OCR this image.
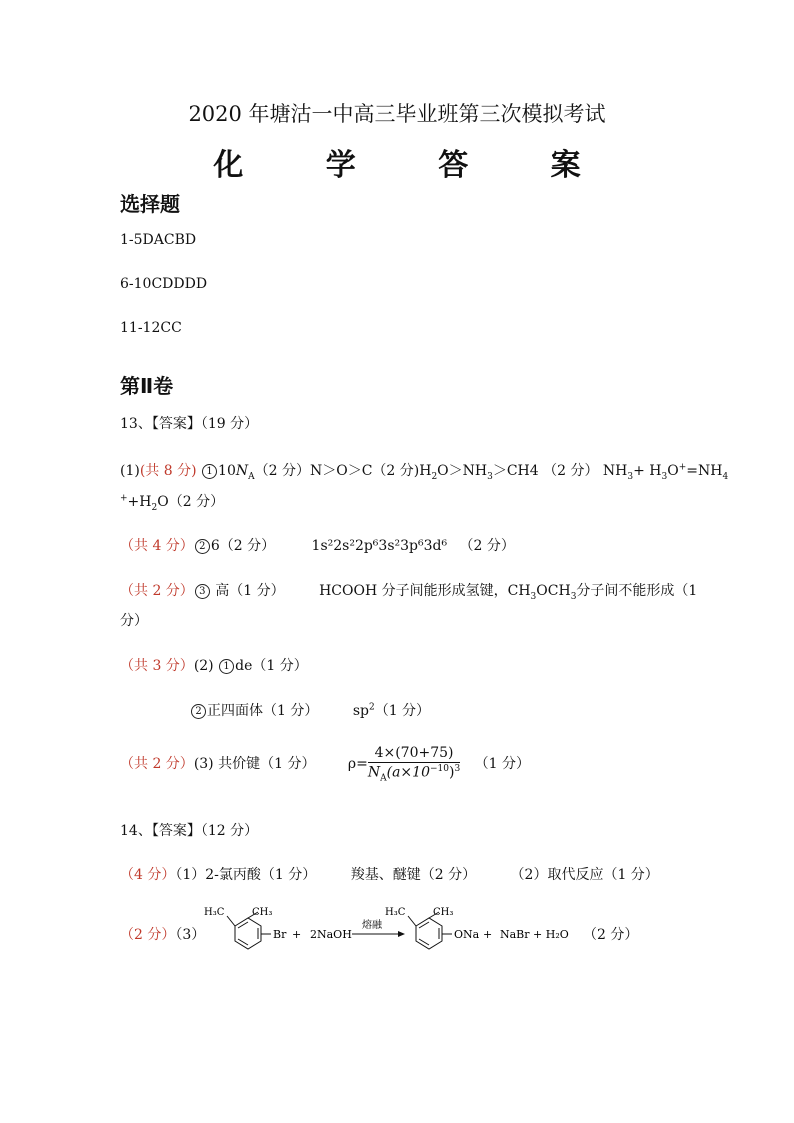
2020 年塘沽一中高三毕业班第三次模拟考试
化 学 答 案
选择题
1-5DACBD
6-10CDDDD
11-12CC
第Ⅱ卷
13、【答案】（19 分）
(1)(共 8 分) 1 $10N_A(2$ 分）N＞O＞C（2 分)$H_2O>NH_3>CH4$ （2 分） $NH_3+ H_3O^+=NH_4$
$^++H_2O(2$ 分）
（共 4 分） 2 6（2 分）	1s²2s²2p⁶3s²3p⁶3d⁶ （2 分）
（共 2 分） 3 高（1 分） HCOOH 分子间能形成氢键，$CH_3OCH_3$分子间不能形成（1
分）
（共 3 分）(2) 1 de（1 分）
2 正四面体（1 分） $sp^2(1$ 分）
（共 2 分）(3) 共价键（1 分） $\rho= \frac{4\times(70+75)}{N_A(a\times 10^{-10})^3} (1$ 分）
14、【答案】（12 分）
（4 分）（1）2-氯丙酸（1 分） 羧基、醚键（2 分） （2）取代反应（1 分）
（2 分）（3）	（2 分）
H₃C	CH₃
Br + 2NaOH
熔融
H₃C	CH₃
ONa + NaBr + H₂O
